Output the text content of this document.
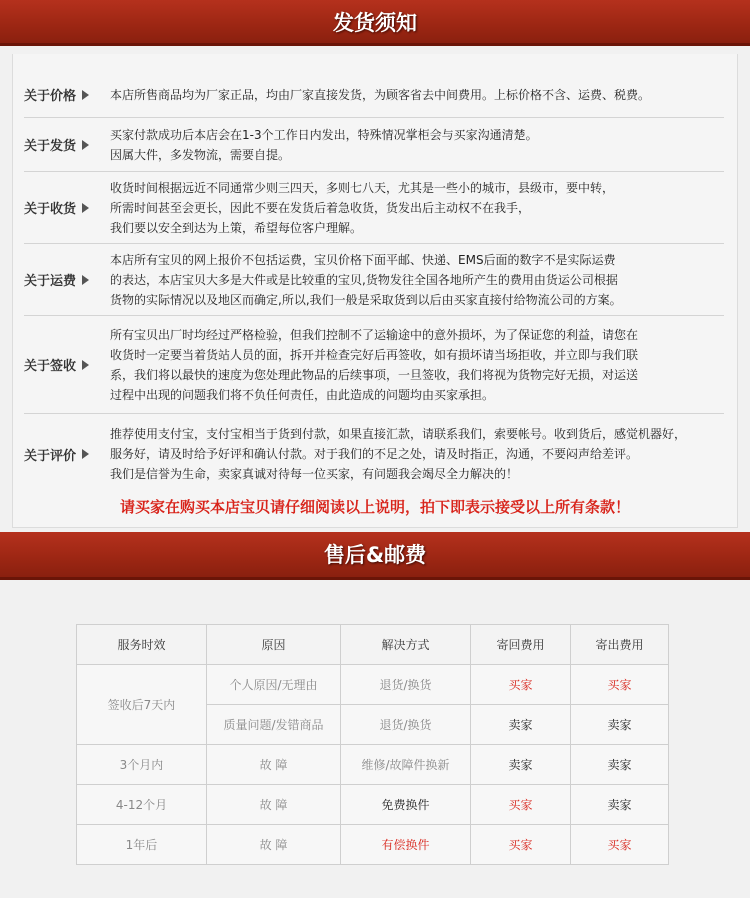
发货须知
关于价格	本店所售商品均为厂家正品，均由厂家直接发货，为顾客省去中间费用。上标价格不含、运费、税费。
关于发货
买家付款成功后本店会在1-3个工作日内发出，特殊情况掌柜会与买家沟通清楚。
因属大件，多发物流，需要自提。
关于收货
收货时间根据远近不同通常少则三四天，多则七八天，尤其是一些小的城市，县级市，要中转，
所需时间甚至会更长，因此不要在发货后着急收货，货发出后主动权不在我手，
我们要以安全到达为上策，希望每位客户理解。
关于运费
本店所有宝贝的网上报价不包括运费，宝贝价格下面平邮、快递、EMS后面的数字不是实际运费
的表达，本店宝贝大多是大件或是比较重的宝贝,货物发往全国各地所产生的费用由货运公司根据
货物的实际情况以及地区而确定,所以,我们一般是采取货到以后由买家直接付给物流公司的方案。
关于签收
所有宝贝出厂时均经过严格检验，但我们控制不了运输途中的意外损坏，为了保证您的利益，请您在
收货时一定要当着货站人员的面，拆开并检查完好后再签收，如有损坏请当场拒收，并立即与我们联
系，我们将以最快的速度为您处理此物品的后续事项，一旦签收，我们将视为货物完好无损，对运送
过程中出现的问题我们将不负任何责任，由此造成的问题均由买家承担。
关于评价
推荐使用支付宝，支付宝相当于货到付款，如果直接汇款，请联系我们，索要帐号。收到货后，感觉机器好，
服务好，请及时给予好评和确认付款。对于我们的不足之处，请及时指正，沟通，不要闷声给差评。
我们是信誉为生命，卖家真诚对待每一位买家，有问题我会竭尽全力解决的！
请买家在购买本店宝贝请仔细阅读以上说明，拍下即表示接受以上所有条款！
售后&邮费
服务时效	原因	解决方式	寄回费用	寄出费用
签收后7天内	个人原因/无理由	退货/换货	买家	买家
	质量问题/发错商品	退货/换货	卖家	卖家
3个月内	故 障	维修/故障件换新	卖家	卖家
4-12个月	故 障	免费换件	买家	卖家
1年后	故 障	有偿换件	买家	买家
